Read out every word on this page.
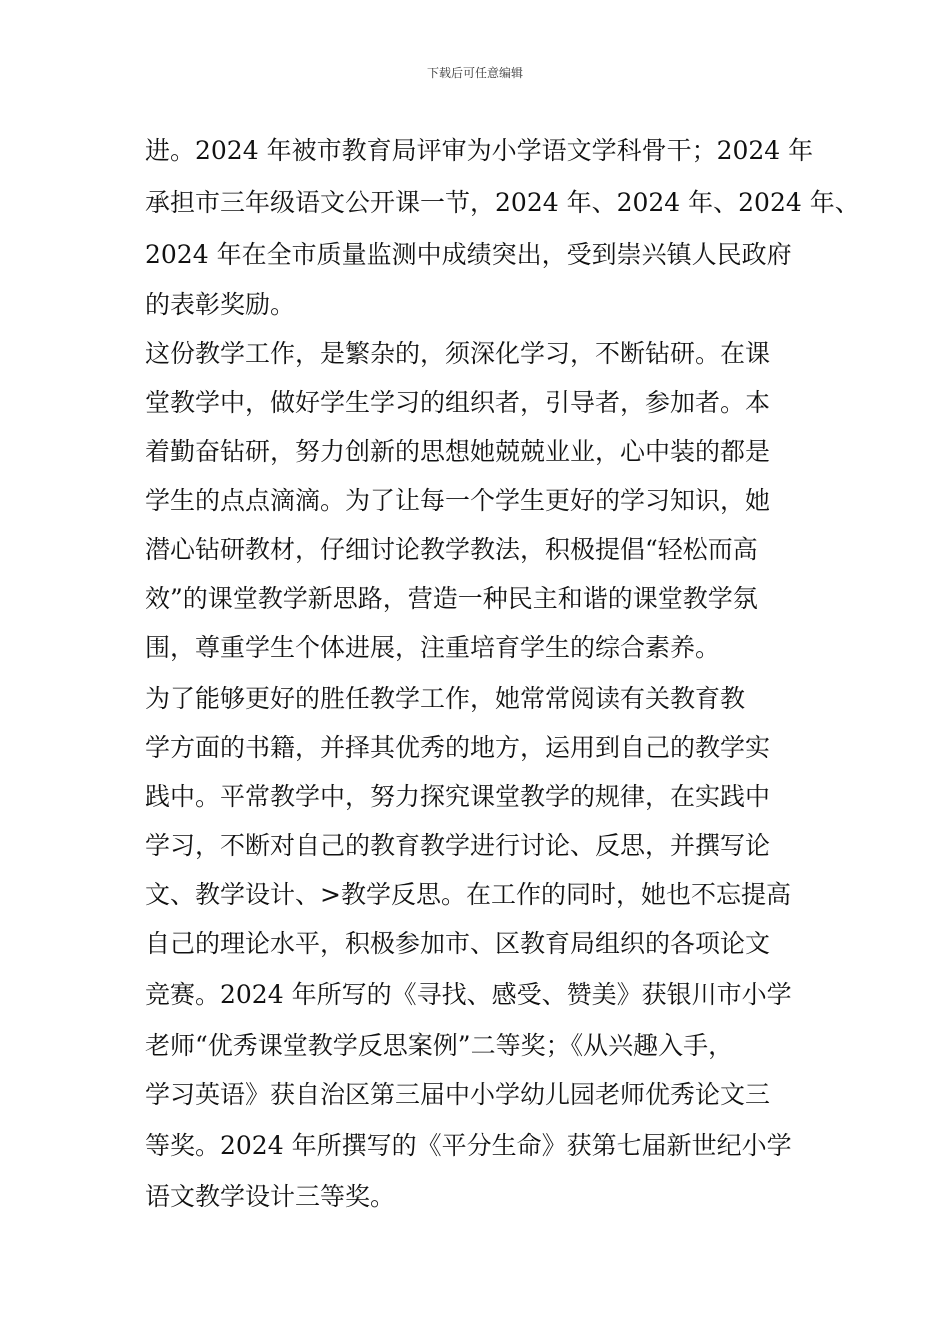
下载后可任意编辑
进。2024 年被市教育局评审为小学语文学科骨干；2024 年
承担市三年级语文公开课一节，2024 年、2024 年、2024 年、
2024 年在全市质量监测中成绩突出，受到崇兴镇人民政府
的表彰奖励。
这份教学工作，是繁杂的，须深化学习，不断钻研。在课
堂教学中，做好学生学习的组织者，引导者，参加者。本
着勤奋钻研，努力创新的思想她兢兢业业，心中装的都是
学生的点点滴滴。为了让每一个学生更好的学习知识，她
潜心钻研教材，仔细讨论教学教法，积极提倡“轻松而高
效”的课堂教学新思路，营造一种民主和谐的课堂教学氛
围，尊重学生个体进展，注重培育学生的综合素养。
为了能够更好的胜任教学工作，她常常阅读有关教育教
学方面的书籍，并择其优秀的地方，运用到自己的教学实
践中。平常教学中，努力探究课堂教学的规律，在实践中
学习，不断对自己的教育教学进行讨论、反思，并撰写论
文、教学设计、>教学反思。在工作的同时，她也不忘提高
自己的理论水平，积极参加市、区教育局组织的各项论文
竞赛。2024 年所写的《寻找、感受、赞美》获银川市小学
老师“优秀课堂教学反思案例”二等奖；《从兴趣入手，
学习英语》获自治区第三届中小学幼儿园老师优秀论文三
等奖。2024 年所撰写的《平分生命》获第七届新世纪小学
语文教学设计三等奖。
